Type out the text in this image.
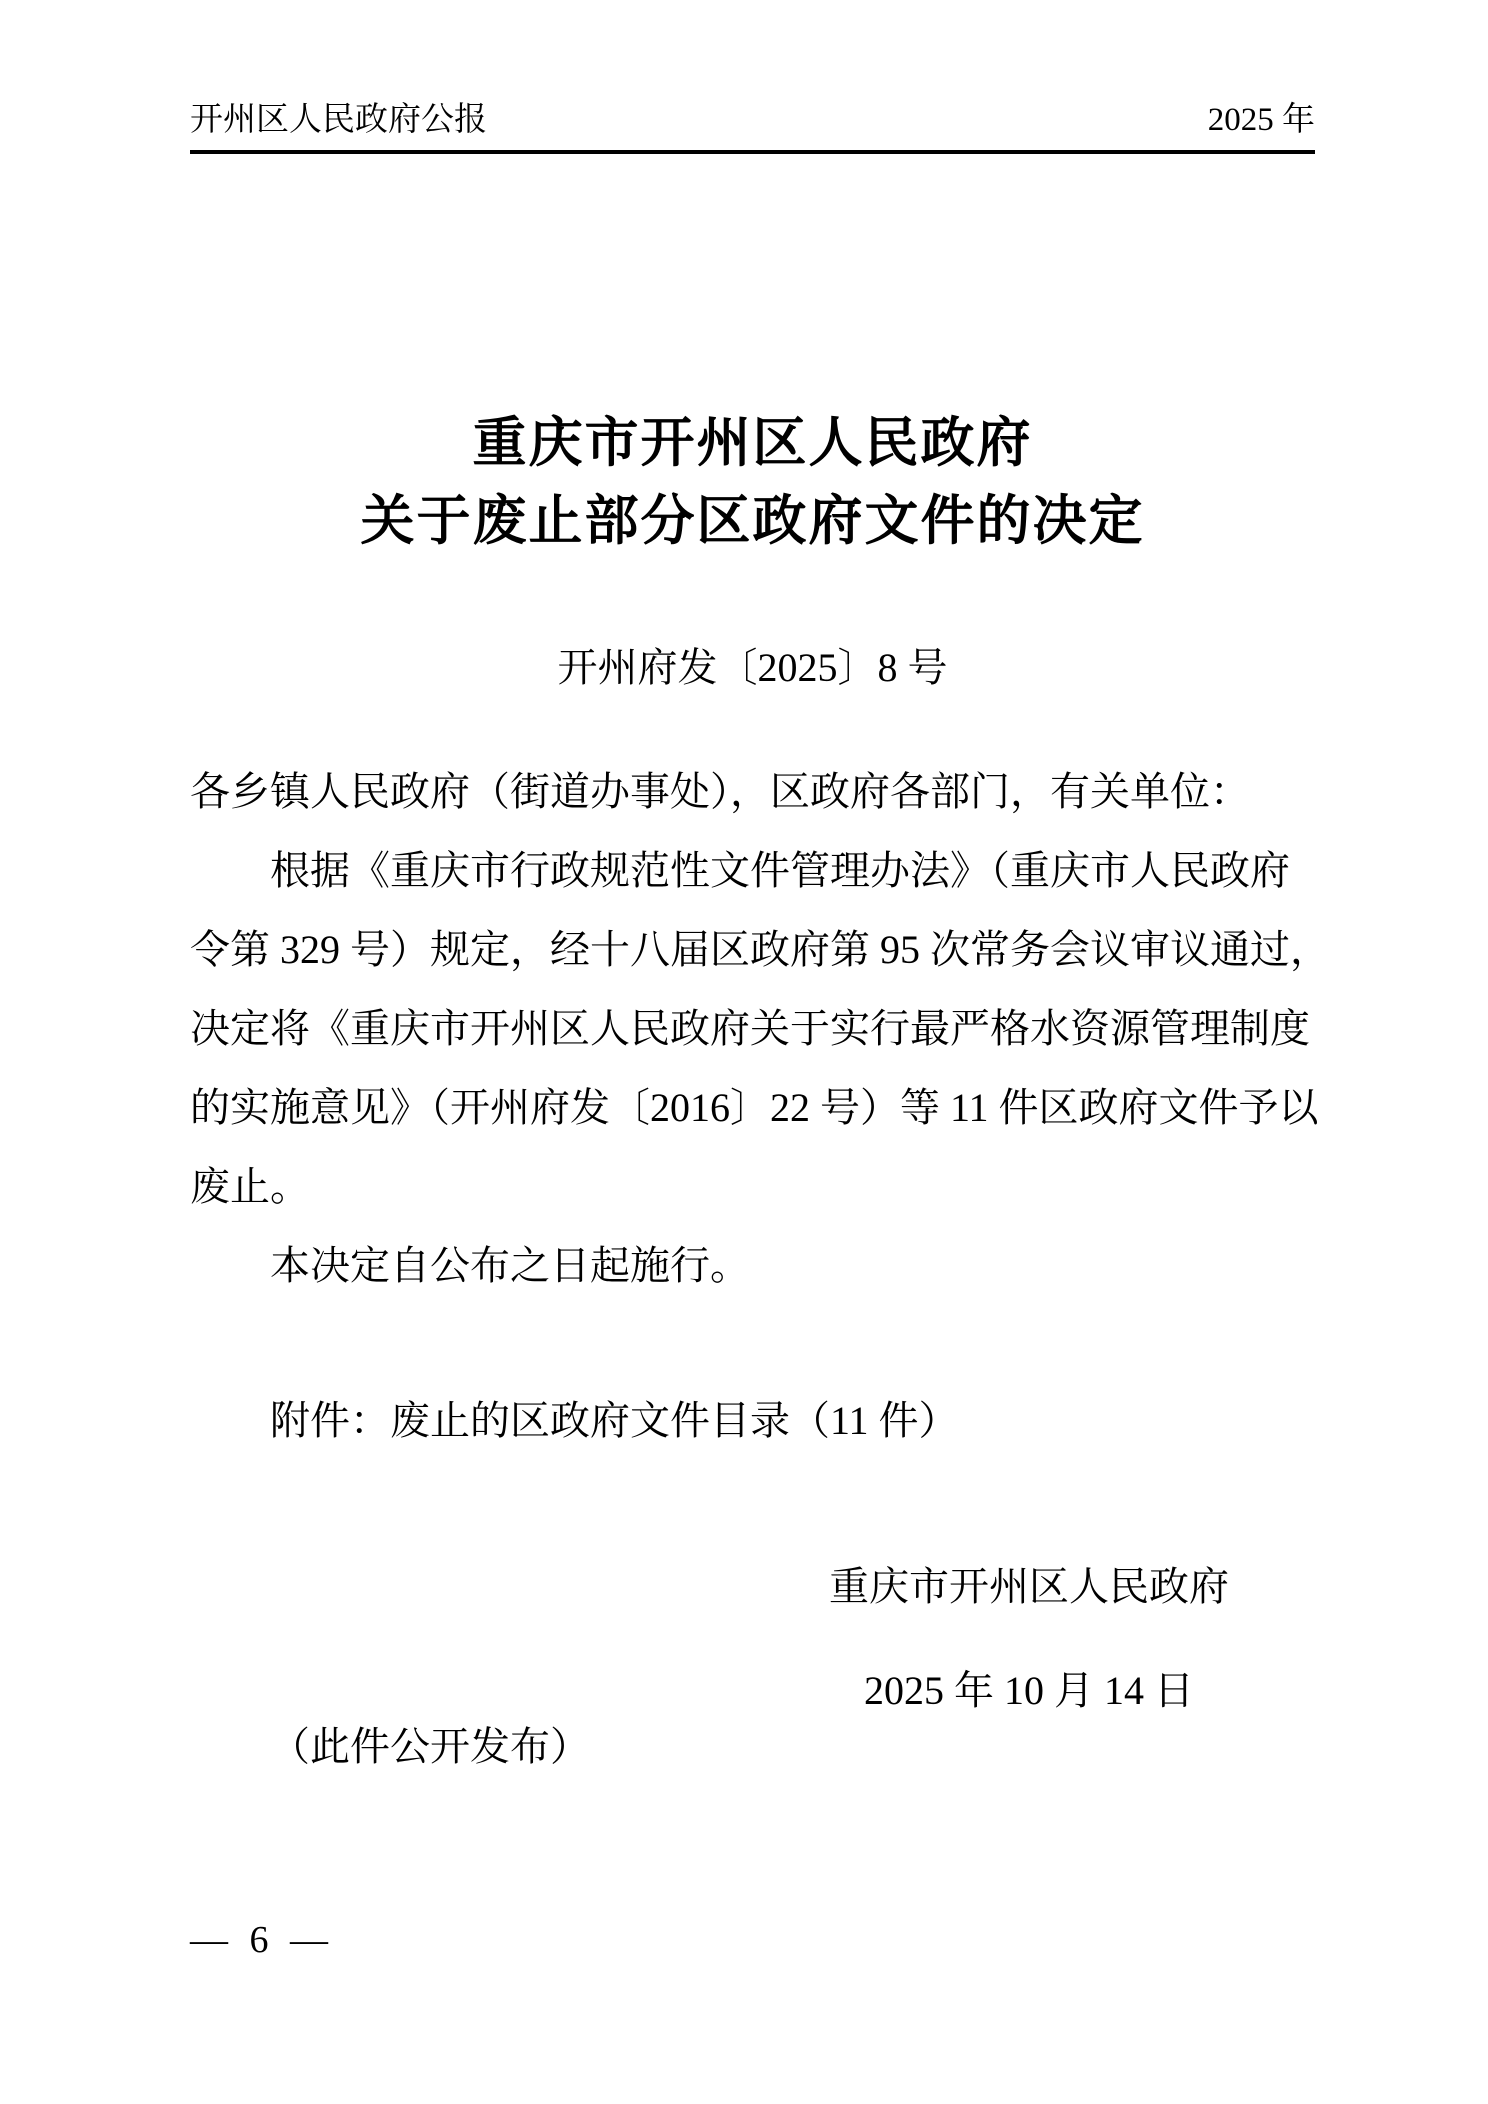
开州区人民政府公报	2025 年
重庆市开州区人民政府
关于废止部分区政府文件的决定
开州府发〔2025〕8 号
各乡镇人民政府（街道办事处），区政府各部门，有关单位：
根据《重庆市行政规范性文件管理办法》（重庆市人民政府
令第 329 号）规定，经十八届区政府第 95 次常务会议审议通过，
决定将《重庆市开州区人民政府关于实行最严格水资源管理制度
的实施意见》（开州府发〔2016〕22 号）等 11 件区政府文件予以
废止。
本决定自公布之日起施行。
附件：废止的区政府文件目录（11 件）
重庆市开州区人民政府
2025 年 10 月 14 日
（此件公开发布）
— 6 —
